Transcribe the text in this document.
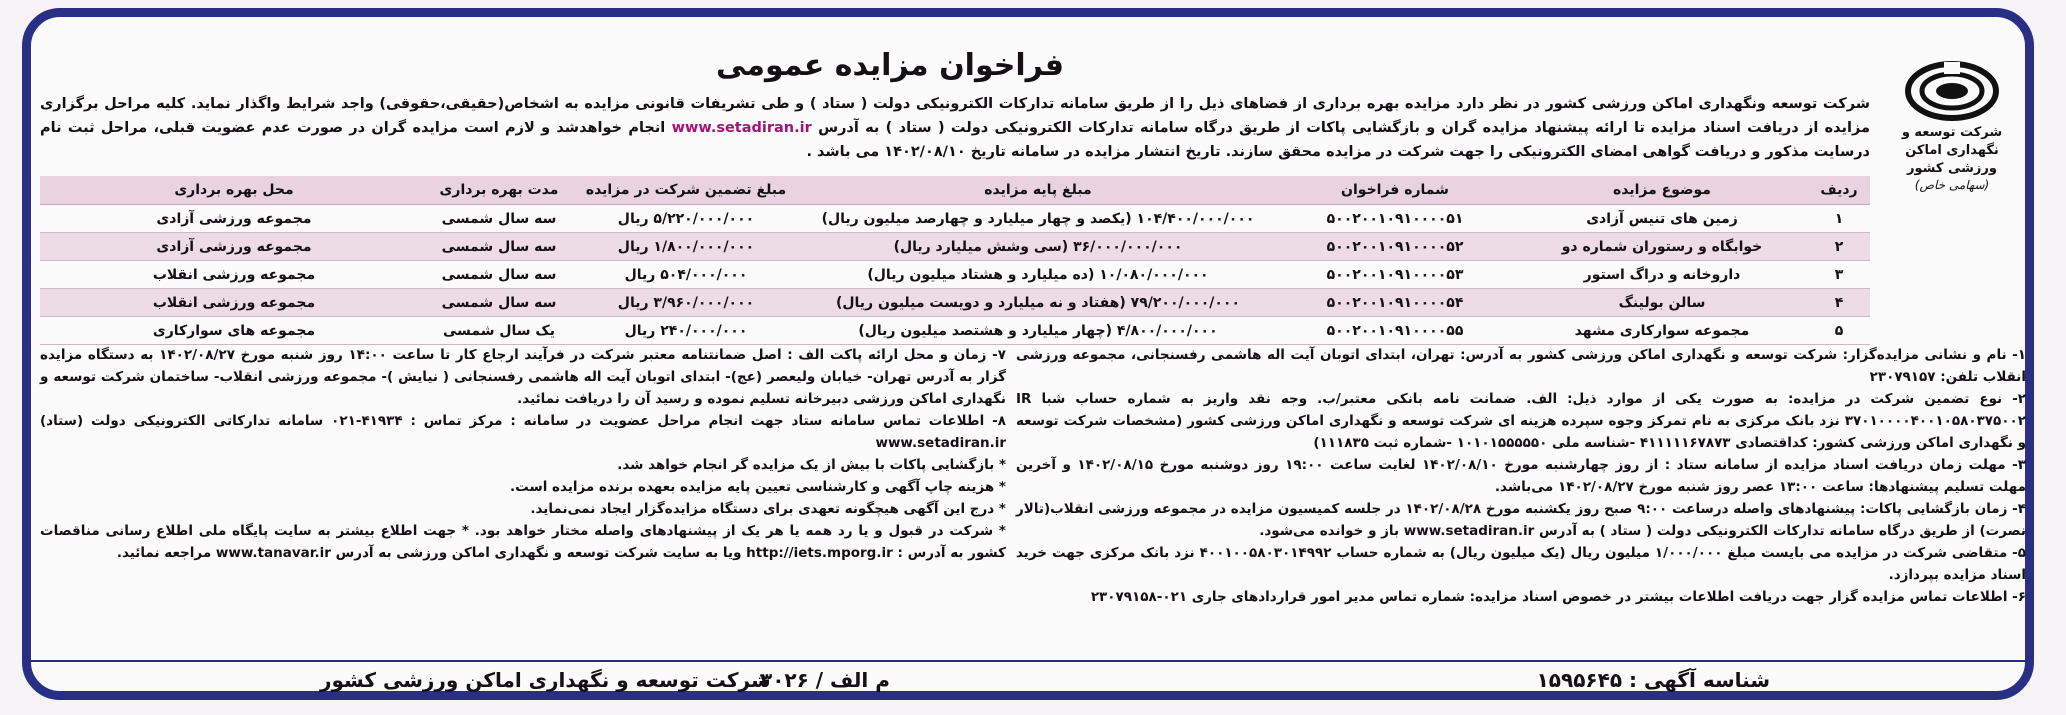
شرکت توسعه و نگهداری اماکن ورزشی کشور
(سهامی خاص)
فراخوان مزایده عمومی
شرکت توسعه ونگهداری اماکن ورزشی کشور در نظر دارد مزایده بهره برداری از فضاهای ذیل را از طریق سامانه تدارکات الکترونیکی دولت ( ستاد ) و طی تشریفات قانونی مزایده به اشخاص(حقیقی،حقوقی) واجد شرایط واگذار نماید. کلیه مراحل برگزاری مزایده از دریافت اسناد مزایده تا ارائه پیشنهاد مزایده گران و بازگشایی پاکات از طریق درگاه سامانه تدارکات الکترونیکی دولت ( ستاد ) به آدرس www.setadiran.ir انجام خواهدشد و لازم است مزایده گران در صورت عدم عضویت قبلی، مراحل ثبت نام درسایت مذکور و دریافت گواهی امضای الکترونیکی را جهت شرکت در مزایده محقق سازند. تاریخ انتشار مزایده در سامانه تاریخ ۱۴۰۲/۰۸/۱۰ می باشد .
ردیف	موضوع مزایده	شماره فراخوان	مبلغ پایه مزایده	مبلغ تضمین شرکت در مزایده	مدت بهره برداری	محل بهره برداری
۱	زمین های تنیس آزادی	۵۰۰۲۰۰۱۰۹۱۰۰۰۰۵۱	۱۰۴/۴۰۰/۰۰۰/۰۰۰ (یکصد و چهار میلیارد و چهارصد میلیون ریال)	۵/۲۲۰/۰۰۰/۰۰۰ ریال	سه سال شمسی	مجموعه ورزشی آزادی
۲	خوابگاه و رستوران شماره دو	۵۰۰۲۰۰۱۰۹۱۰۰۰۰۵۲	۳۶/۰۰۰/۰۰۰/۰۰۰ (سی وشش میلیارد ریال)	۱/۸۰۰/۰۰۰/۰۰۰ ریال	سه سال شمسی	مجموعه ورزشی آزادی
۳	داروخانه و دراگ استور	۵۰۰۲۰۰۱۰۹۱۰۰۰۰۵۳	۱۰/۰۸۰/۰۰۰/۰۰۰ (ده میلیارد و هشتاد میلیون ریال)	۵۰۴/۰۰۰/۰۰۰ ریال	سه سال شمسی	مجموعه ورزشی انقلاب
۴	سالن بولینگ	۵۰۰۲۰۰۱۰۹۱۰۰۰۰۵۴	۷۹/۲۰۰/۰۰۰/۰۰۰ (هفتاد و نه میلیارد و دویست میلیون ریال)	۳/۹۶۰/۰۰۰/۰۰۰ ریال	سه سال شمسی	مجموعه ورزشی انقلاب
۵	مجموعه سوارکاری مشهد	۵۰۰۲۰۰۱۰۹۱۰۰۰۰۵۵	۴/۸۰۰/۰۰۰/۰۰۰ (چهار میلیارد و هشتصد میلیون ریال)	۲۴۰/۰۰۰/۰۰۰ ریال	یک سال شمسی	مجموعه های سوارکاری

۱- نام و نشانی مزایده‌گزار: شرکت توسعه و نگهداری اماکن ورزشی کشور به آدرس: تهران، ابتدای اتوبان آیت اله هاشمی رفسنجانی، مجموعه ورزشی انقلاب تلفن: ۲۳۰۷۹۱۵۷

۲- نوع تضمین شرکت در مزایده: به صورت یکی از موارد ذیل: الف. ضمانت نامه بانکی معتبر/ب. وجه نقد واریز به شماره حساب شبا IR ۳۷۰۱۰۰۰۰۴۰۰۱۰۵۸۰۳۷۵۰۰۲ نزد بانک مرکزی به نام تمرکز وجوه سپرده هزینه ای شرکت توسعه و نگهداری اماکن ورزشی کشور (مشخصات شرکت توسعه و نگهداری اماکن ورزشی کشور: کداقتصادی ۴۱۱۱۱۱۶۷۸۷۳ -شناسه ملی ۱۰۱۰۱۵۵۵۵۵۰ -شماره ثبت ۱۱۱۸۳۵)

۳- مهلت زمان دریافت اسناد مزایده از سامانه ستاد : از روز چهارشنبه مورخ ۱۴۰۲/۰۸/۱۰ لغایت ساعت ۱۹:۰۰ روز دوشنبه مورخ ۱۴۰۲/۰۸/۱۵ و آخرین مهلت تسلیم پیشنهادها: ساعت ۱۳:۰۰ عصر روز شنبه مورخ ۱۴۰۲/۰۸/۲۷ می‌باشد.

۴- زمان بازگشایی پاکات: پیشنهادهای واصله درساعت ۹:۰۰ صبح روز یکشنبه مورخ ۱۴۰۲/۰۸/۲۸ در جلسه کمیسیون مزایده در مجموعه ورزشی انقلاب(تالار نصرت) از طریق درگاه سامانه تدارکات الکترونیکی دولت ( ستاد ) به آدرس www.setadiran.ir باز و خوانده می‌شود.

۵- متقاضی شرکت در مزایده می بایست مبلغ ۱/۰۰۰/۰۰۰ میلیون ریال (یک میلیون ریال) به شماره حساب ۴۰۰۱۰۰۵۸۰۳۰۱۴۹۹۲ نزد بانک مرکزی جهت خرید اسناد مزایده بپردازد.

۶- اطلاعات تماس مزایده گزار جهت دریافت اطلاعات بیشتر در خصوص اسناد مزایده: شماره تماس مدیر امور قراردادهای جاری ۰۲۱-۲۳۰۷۹۱۵۸

۷- زمان و محل ارائه پاکت الف : اصل ضمانتنامه معتبر شرکت در فرآیند ارجاع کار تا ساعت ۱۴:۰۰ روز شنبه مورخ ۱۴۰۲/۰۸/۲۷ به دستگاه مزایده گزار به آدرس تهران- خیابان ولیعصر (عج)- ابتدای اتوبان آیت اله هاشمی رفسنجانی ( نیایش )- مجموعه ورزشی انقلاب- ساختمان شرکت توسعه و نگهداری اماکن ورزشی دبیرخانه تسلیم نموده و رسید آن را دریافت نمائید.

۸- اطلاعات تماس سامانه ستاد جهت انجام مراحل عضویت در سامانه : مرکز تماس : ۴۱۹۳۴-۰۲۱ سامانه تدارکاتی الکترونیکی دولت (ستاد) www.setadiran.ir

* بازگشایی پاکات با بیش از یک مزایده گر انجام خواهد شد.

* هزینه چاپ آگهی و کارشناسی تعیین پایه مزایده بعهده برنده مزایده است.

* درج این آگهی هیچگونه تعهدی برای دستگاه مزایده‌گزار ایجاد نمی‌نماید.

* شرکت در قبول و یا رد همه یا هر یک از پیشنهادهای واصله مختار خواهد بود. * جهت اطلاع بیشتر به سایت پایگاه ملی اطلاع رسانی مناقصات کشور به آدرس : http://iets.mporg.ir ویا به سایت شرکت توسعه و نگهداری اماکن ورزشی به آدرس www.tanavar.ir مراجعه نمائید.

شناسه آگهی : ۱۵۹۵۶۴۵
م الف / ۳۰۲۶
شرکت توسعه و نگهداری اماکن ورزشی کشور
